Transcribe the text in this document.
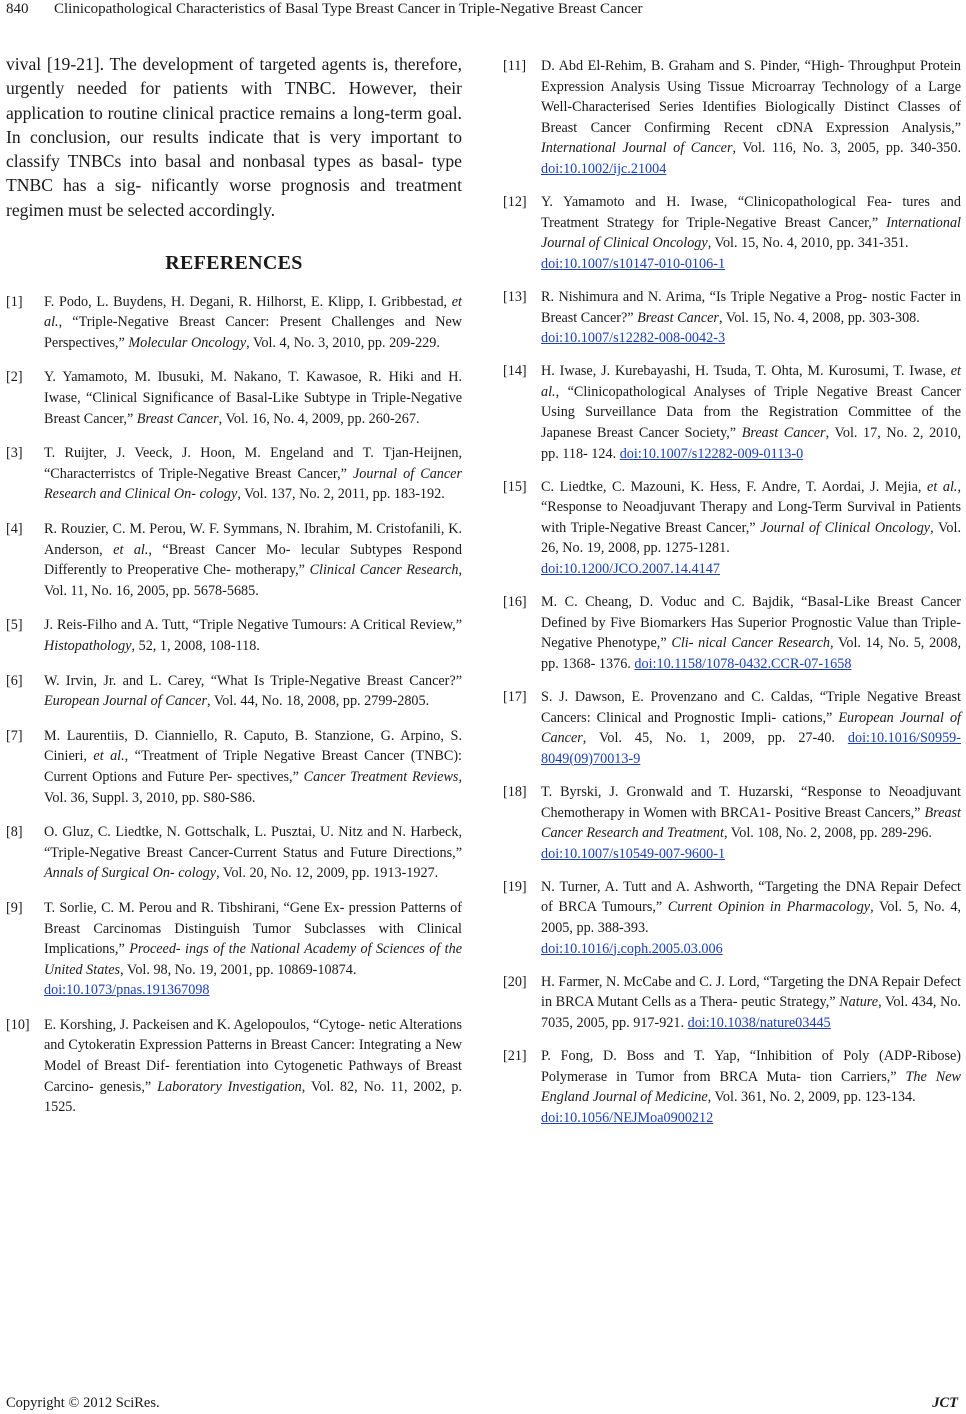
840 Clinicopathological Characteristics of Basal Type Breast Cancer in Triple-Negative Breast Cancer

vival [19-21]. The development of targeted agents is, therefore, urgently needed for patients with TNBC. However, their application to routine clinical practice remains a long-term goal. In conclusion, our results indicate that is very important to classify TNBCs into basal and nonbasal types as basal- type TNBC has a sig- nificantly worse prognosis and treatment regimen must be selected accordingly.

REFERENCES
[1]	F. Podo, L. Buydens, H. Degani, R. Hilhorst, E. Klipp, I. Gribbestad, et al., “Triple-Negative Breast Cancer: Present Challenges and New Perspectives,” Molecular Oncology, Vol. 4, No. 3, 2010, pp. 209-229.
[2]	Y. Yamamoto, M. Ibusuki, M. Nakano, T. Kawasoe, R. Hiki and H. Iwase, “Clinical Significance of Basal-Like Subtype in Triple-Negative Breast Cancer,” Breast Cancer, Vol. 16, No. 4, 2009, pp. 260-267.
[3]	T. Ruijter, J. Veeck, J. Hoon, M. Engeland and T. Tjan-Heijnen, “Characterristcs of Triple-Negative Breast Cancer,” Journal of Cancer Research and Clinical On- cology, Vol. 137, No. 2, 2011, pp. 183-192.
[4]	R. Rouzier, C. M. Perou, W. F. Symmans, N. Ibrahim, M. Cristofanili, K. Anderson, et al., “Breast Cancer Mo- lecular Subtypes Respond Differently to Preoperative Che- motherapy,” Clinical Cancer Research, Vol. 11, No. 16, 2005, pp. 5678-5685.
[5]	J. Reis-Filho and A. Tutt, “Triple Negative Tumours: A Critical Review,” Histopathology, 52, 1, 2008, 108-118.
[6]	W. Irvin, Jr. and L. Carey, “What Is Triple-Negative Breast Cancer?” European Journal of Cancer, Vol. 44, No. 18, 2008, pp. 2799-2805.
[7]	M. Laurentiis, D. Cianniello, R. Caputo, B. Stanzione, G. Arpino, S. Cinieri, et al., “Treatment of Triple Negative Breast Cancer (TNBC): Current Options and Future Per- spectives,” Cancer Treatment Reviews, Vol. 36, Suppl. 3, 2010, pp. S80-S86.
[8]	O. Gluz, C. Liedtke, N. Gottschalk, L. Pusztai, U. Nitz and N. Harbeck, “Triple-Negative Breast Cancer-Current Status and Future Directions,” Annals of Surgical On- cology, Vol. 20, No. 12, 2009, pp. 1913-1927.
[9]	T. Sorlie, C. M. Perou and R. Tibshirani, “Gene Ex- pression Patterns of Breast Carcinomas Distinguish Tumor Subclasses with Clinical Implications,” Proceed- ings of the National Academy of Sciences of the United States, Vol. 98, No. 19, 2001, pp. 10869-10874.
doi:10.1073/pnas.191367098
[10]	E. Korshing, J. Packeisen and K. Agelopoulos, “Cytoge- netic Alterations and Cytokeratin Expression Patterns in Breast Cancer: Integrating a New Model of Breast Dif- ferentiation into Cytogenetic Pathways of Breast Carcino- genesis,” Laboratory Investigation, Vol. 82, No. 11, 2002, p. 1525.
[11]	D. Abd El-Rehim, B. Graham and S. Pinder, “High- Throughput Protein Expression Analysis Using Tissue Microarray Technology of a Large Well-Characterised Series Identifies Biologically Distinct Classes of Breast Cancer Confirming Recent cDNA Expression Analysis,” International Journal of Cancer, Vol. 116, No. 3, 2005, pp. 340-350. doi:10.1002/ijc.21004
[12]	Y. Yamamoto and H. Iwase, “Clinicopathological Fea- tures and Treatment Strategy for Triple-Negative Breast Cancer,” International Journal of Clinical Oncology, Vol. 15, No. 4, 2010, pp. 341-351.
doi:10.1007/s10147-010-0106-1
[13]	R. Nishimura and N. Arima, “Is Triple Negative a Prog- nostic Facter in Breast Cancer?” Breast Cancer, Vol. 15, No. 4, 2008, pp. 303-308.
doi:10.1007/s12282-008-0042-3
[14]	H. Iwase, J. Kurebayashi, H. Tsuda, T. Ohta, M. Kurosumi, T. Iwase, et al., “Clinicopathological Analyses of Triple Negative Breast Cancer Using Surveillance Data from the Registration Committee of the Japanese Breast Cancer Society,” Breast Cancer, Vol. 17, No. 2, 2010, pp. 118- 124. doi:10.1007/s12282-009-0113-0
[15]	C. Liedtke, C. Mazouni, K. Hess, F. Andre, T. Aordai, J. Mejia, et al., “Response to Neoadjuvant Therapy and Long-Term Survival in Patients with Triple-Negative Breast Cancer,” Journal of Clinical Oncology, Vol. 26, No. 19, 2008, pp. 1275-1281.
doi:10.1200/JCO.2007.14.4147
[16]	M. C. Cheang, D. Voduc and C. Bajdik, “Basal-Like Breast Cancer Defined by Five Biomarkers Has Superior Prognostic Value than Triple-Negative Phenotype,” Cli- nical Cancer Research, Vol. 14, No. 5, 2008, pp. 1368- 1376. doi:10.1158/1078-0432.CCR-07-1658
[17]	S. J. Dawson, E. Provenzano and C. Caldas, “Triple Negative Breast Cancers: Clinical and Prognostic Impli- cations,” European Journal of Cancer, Vol. 45, No. 1, 2009, pp. 27-40. doi:10.1016/S0959-8049(09)70013-9
[18]	T. Byrski, J. Gronwald and T. Huzarski, “Response to Neoadjuvant Chemotherapy in Women with BRCA1- Positive Breast Cancers,” Breast Cancer Research and Treatment, Vol. 108, No. 2, 2008, pp. 289-296.
doi:10.1007/s10549-007-9600-1
[19]	N. Turner, A. Tutt and A. Ashworth, “Targeting the DNA Repair Defect of BRCA Tumours,” Current Opinion in Pharmacology, Vol. 5, No. 4, 2005, pp. 388-393.
doi:10.1016/j.coph.2005.03.006
[20]	H. Farmer, N. McCabe and C. J. Lord, “Targeting the DNA Repair Defect in BRCA Mutant Cells as a Thera- peutic Strategy,” Nature, Vol. 434, No. 7035, 2005, pp. 917-921. doi:10.1038/nature03445
[21]	P. Fong, D. Boss and T. Yap, “Inhibition of Poly (ADP-Ribose) Polymerase in Tumor from BRCA Muta- tion Carriers,” The New England Journal of Medicine, Vol. 361, No. 2, 2009, pp. 123-134.
doi:10.1056/NEJMoa0900212
Copyright © 2012 SciRes.	JCT
